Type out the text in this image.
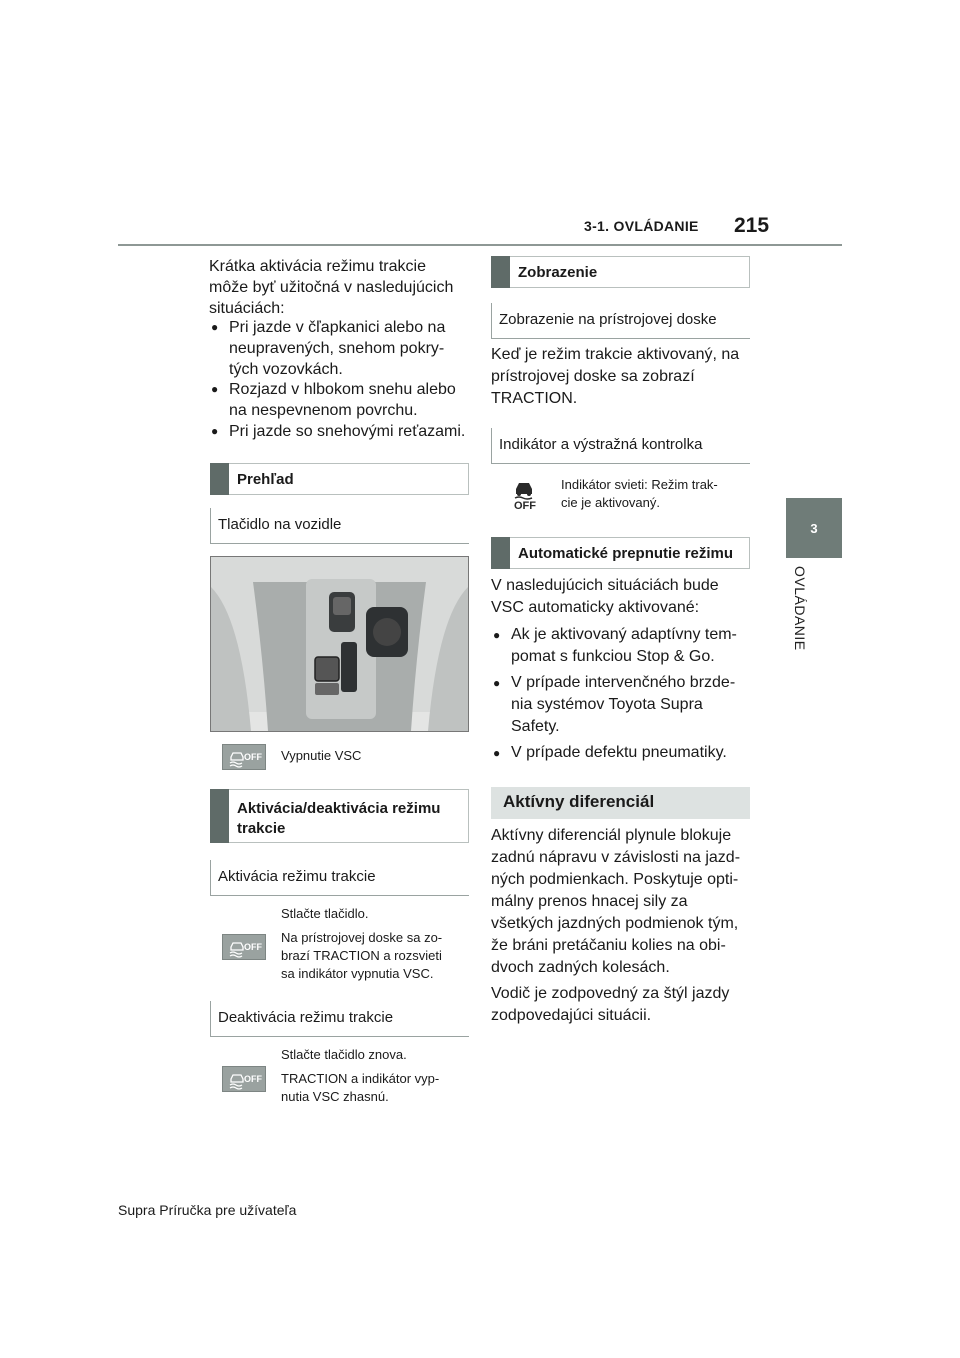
3-1. OVLÁDANIE 215
3
OVLÁDANIE
Krátka aktivácia režimu trakcie
môže byť užitočná v nasledujúcich
situáciách:
● Pri jazde v čľapkanici alebo na
neupravených, snehom pokry-
tých vozovkách.
● Rozjazd v hlbokom snehu alebo
na nespevnenom povrchu.
● Pri jazde so snehovými reťazami.
Prehľad
Tlačidlo na vozidle
OFF Vypnutie VSC
Aktivácia/deaktivácia režimu
trakcie
Aktivácia režimu trakcie
Stlačte tlačidlo.
OFF
Na prístrojovej doske sa zo-
brazí TRACTION a rozsvieti
sa indikátor vypnutia VSC.
Deaktivácia režimu trakcie
Stlačte tlačidlo znova.
OFF TRACTION a indikátor vyp-
nutia VSC zhasnú.
Zobrazenie
Zobrazenie na prístrojovej doske
Keď je režim trakcie aktivovaný, na
prístrojovej doske sa zobrazí
TRACTION.
Indikátor a výstražná kontrolka
OFF
Indikátor svieti: Režim trak-
cie je aktivovaný.
Automatické prepnutie režimu
V nasledujúcich situáciách bude
VSC automaticky aktivované:
● Ak je aktivovaný adaptívny tem-
pomat s funkciou Stop & Go.
● V prípade intervenčného brzde-
nia systémov Toyota Supra
Safety.
● V prípade defektu pneumatiky.
Aktívny diferenciál
Aktívny diferenciál plynule blokuje
zadnú nápravu v závislosti na jazd-
ných podmienkach. Poskytuje opti-
málny prenos hnacej sily za
všetkých jazdných podmienok tým,
že bráni pretáčaniu kolies na obi-
dvoch zadných kolesách.
Vodič je zodpovedný za štýl jazdy
zodpovedajúci situácii.
Supra Príručka pre užívateľa
